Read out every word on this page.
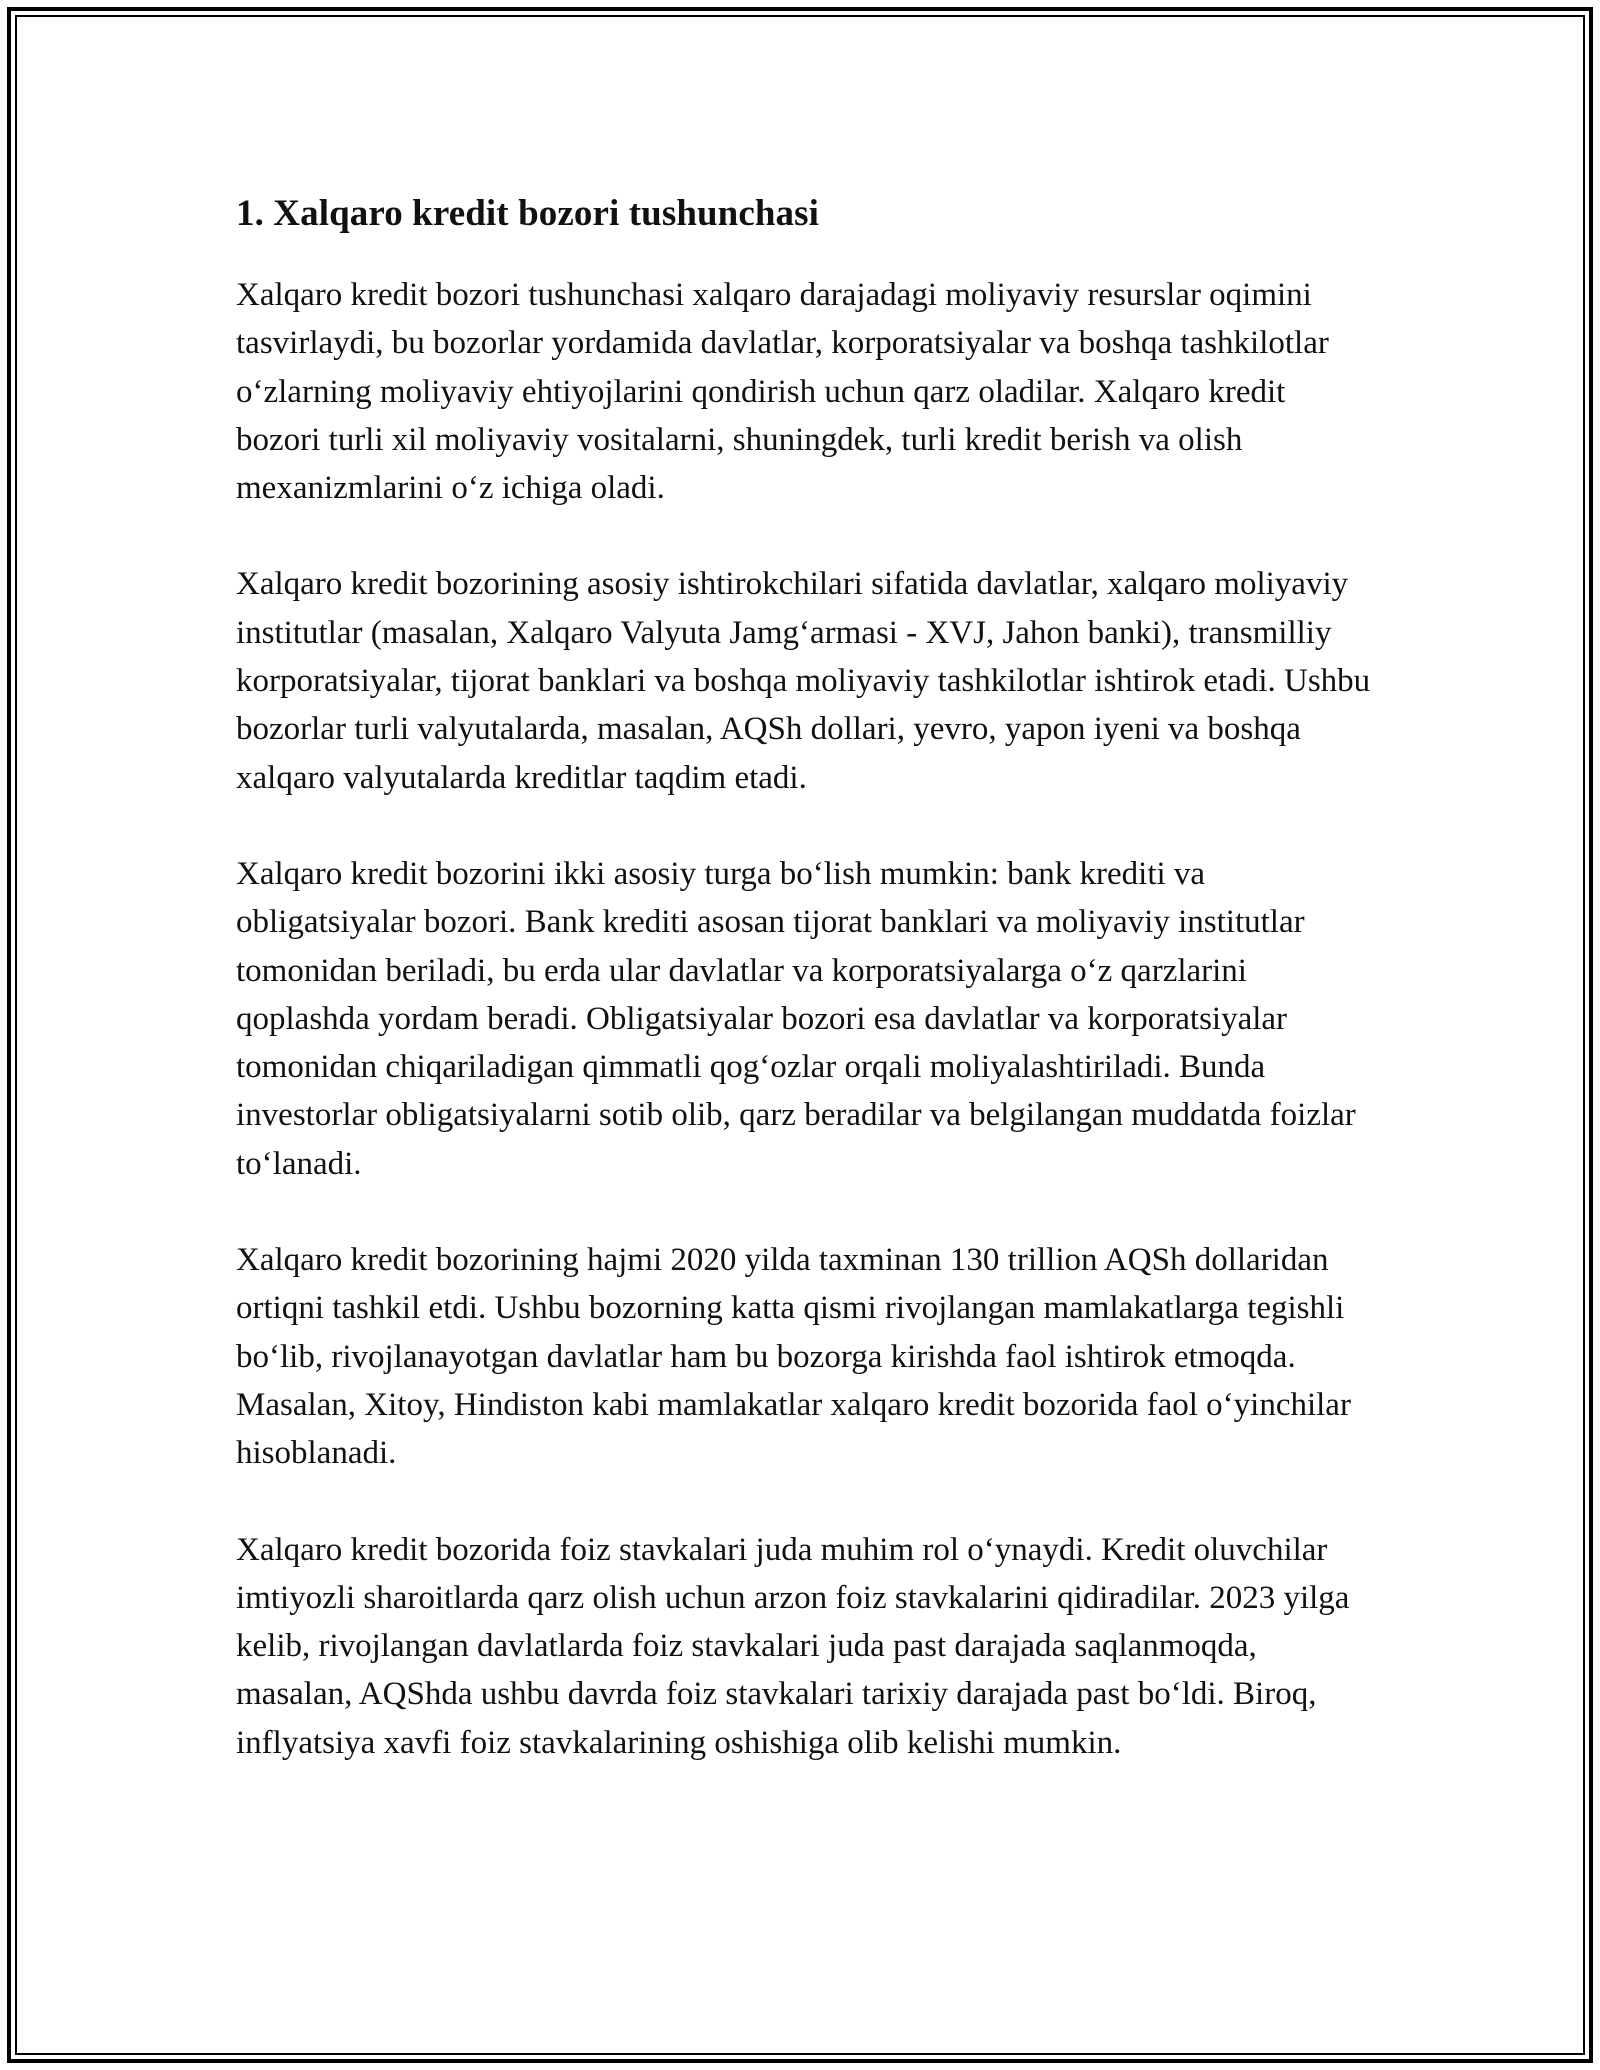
1. Xalqaro kredit bozori tushunchasi

Xalqaro kredit bozori tushunchasi xalqaro darajadagi moliyaviy resurslar oqimini tasvirlaydi, bu bozorlar yordamida davlatlar, korporatsiyalar va boshqa tashkilotlar o‘zlarning moliyaviy ehtiyojlarini qondirish uchun qarz oladilar. Xalqaro kredit bozori turli xil moliyaviy vositalarni, shuningdek, turli kredit berish va olish mexanizmlarini o‘z ichiga oladi.

Xalqaro kredit bozorining asosiy ishtirokchilari sifatida davlatlar, xalqaro moliyaviy institutlar (masalan, Xalqaro Valyuta Jamg‘armasi - XVJ, Jahon banki), transmilliy korporatsiyalar, tijorat banklari va boshqa moliyaviy tashkilotlar ishtirok etadi. Ushbu bozorlar turli valyutalarda, masalan, AQSh dollari, yevro, yapon iyeni va boshqa xalqaro valyutalarda kreditlar taqdim etadi.

Xalqaro kredit bozorini ikki asosiy turga bo‘lish mumkin: bank krediti va obligatsiyalar bozori. Bank krediti asosan tijorat banklari va moliyaviy institutlar tomonidan beriladi, bu erda ular davlatlar va korporatsiyalarga o‘z qarzlarini qoplashda yordam beradi. Obligatsiyalar bozori esa davlatlar va korporatsiyalar tomonidan chiqariladigan qimmatli qog‘ozlar orqali moliyalashtiriladi. Bunda investorlar obligatsiyalarni sotib olib, qarz beradilar va belgilangan muddatda foizlar to‘lanadi.

Xalqaro kredit bozorining hajmi 2020 yilda taxminan 130 trillion AQSh dollaridan ortiqni tashkil etdi. Ushbu bozorning katta qismi rivojlangan mamlakatlarga tegishli bo‘lib, rivojlanayotgan davlatlar ham bu bozorga kirishda faol ishtirok etmoqda. Masalan, Xitoy, Hindiston kabi mamlakatlar xalqaro kredit bozorida faol o‘yinchilar hisoblanadi.

Xalqaro kredit bozorida foiz stavkalari juda muhim rol o‘ynaydi. Kredit oluvchilar imtiyozli sharoitlarda qarz olish uchun arzon foiz stavkalarini qidiradilar. 2023 yilga kelib, rivojlangan davlatlarda foiz stavkalari juda past darajada saqlanmoqda, masalan, AQShda ushbu davrda foiz stavkalari tarixiy darajada past bo‘ldi. Biroq, inflyatsiya xavfi foiz stavkalarining oshishiga olib kelishi mumkin.
